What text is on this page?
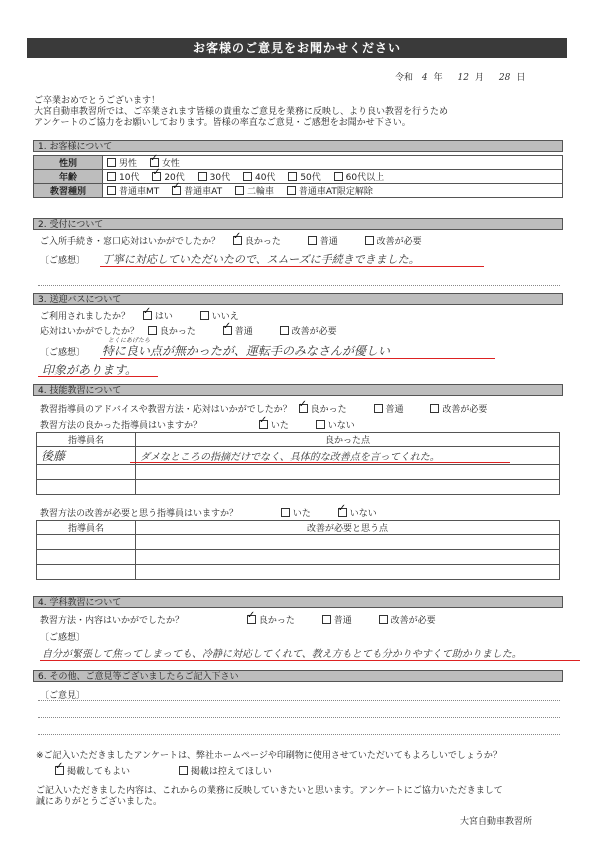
お客様のご意見をお聞かせください
令和 4 年 12 月 28 日
ご卒業おめでとうございます！
大宮自動車教習所では、ご卒業されます皆様の貴重なご意見を業務に反映し、より良い教習を行うため
アンケートのご協力をお願いしております。皆様の率直なご意見・ご感想をお聞かせ下さい。
1. お客様について
性別	男性 ✓ 女性
年齢	10代 ✓ 20代 30代 40代 50代 60代以上
教習種別	普通車MT ✓ 普通車AT 二輪車 普通車AT限定解除
2. 受付について
ご入所手続き・窓口応対はいかがでしたか？ ✓	良かった	普通	改善が必要
〔ご感想〕 丁寧に対応していただいたので、スムーズに手続きできました。
3. 送迎バスについて
ご利用されましたか？ ✓	はい	いいえ
応対はいかがでしたか？ 良かった ✓	普通	改善が必要
とくにあげたら
〔ご感想〕 特に良い点が無かったが、運転手のみなさんが優しい
印象があります。
4. 技能教習について
教習指導員のアドバイスや教習方法・応対はいかがでしたか？ ✓ 良かった	普通	改善が必要
教習方法の良かった指導員はいますか？ ✓	いた	いない
指導員名	良かった点
後藤	ダメなところの指摘だけでなく、具体的な改善点を言ってくれた。

教習方法の改善が必要と思う指導員はいますか？	いた ✓	いない
指導員名	改善が必要と思う点

4. 学科教習について
教習方法・内容はいかがでしたか？ ✓	良かった	普通	改善が必要
〔ご感想〕
自分が緊張して焦ってしまっても、冷静に対応してくれて、教え方もとても分かりやすくて助かりました。
6. その他、ご意見等ございましたらご記入下さい
〔ご意見〕
※ご記入いただきましたアンケートは、弊社ホームページや印刷物に使用させていただいてもよろしいでしょうか？
✓掲載してもよい	掲載は控えてほしい
ご記入いただきました内容は、これからの業務に反映していきたいと思います。アンケートにご協力いただきまして
誠にありがとうございました。
大宮自動車教習所
